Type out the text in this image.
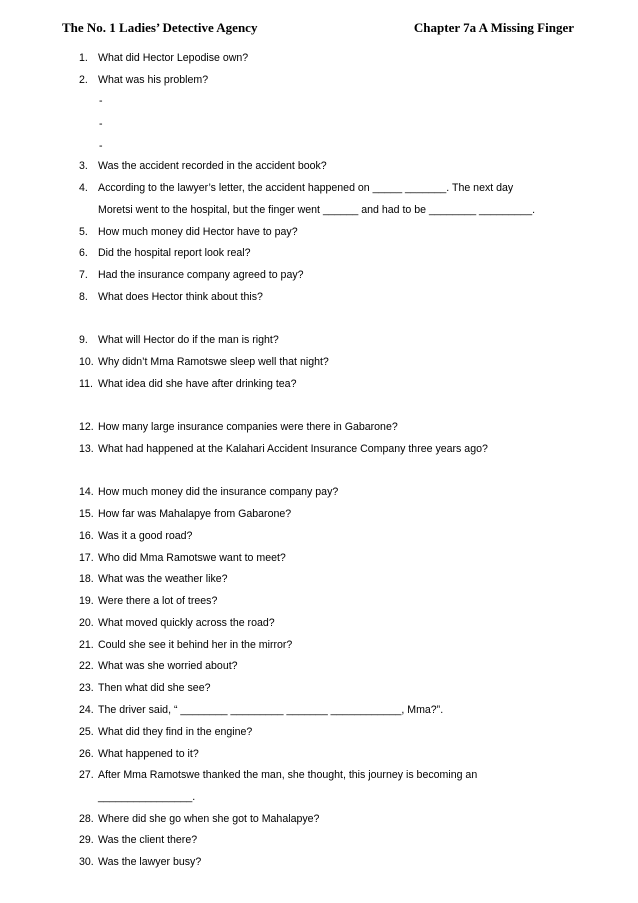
The No. 1 Ladies’ Detective Agency	Chapter 7a A Missing Finger
1. What did Hector Lepodise own?
2. What was his problem?
-
-
-
3. Was the accident recorded in the accident book?
4. According to the lawyer’s letter, the accident happened on _____ _______. The next day
Moretsi went to the hospital, but the finger went ______ and had to be ________ _________.
5. How much money did Hector have to pay?
6. Did the hospital report look real?
7. Had the insurance company agreed to pay?
8. What does Hector think about this?
9. What will Hector do if the man is right?
10. Why didn’t Mma Ramotswe sleep well that night?
11. What idea did she have after drinking tea?
12. How many large insurance companies were there in Gabarone?
13. What had happened at the Kalahari Accident Insurance Company three years ago?
14. How much money did the insurance company pay?
15. How far was Mahalapye from Gabarone?
16. Was it a good road?
17. Who did Mma Ramotswe want to meet?
18. What was the weather like?
19. Were there a lot of trees?
20. What moved quickly across the road?
21. Could she see it behind her in the mirror?
22. What was she worried about?
23. Then what did she see?
24. The driver said, “ ________ _________ _______ ____________, Mma?”.
25. What did they find in the engine?
26. What happened to it?
27. After Mma Ramotswe thanked the man, she thought, this journey is becoming an
________________.
28. Where did she go when she got to Mahalapye?
29. Was the client there?
30. Was the lawyer busy?
